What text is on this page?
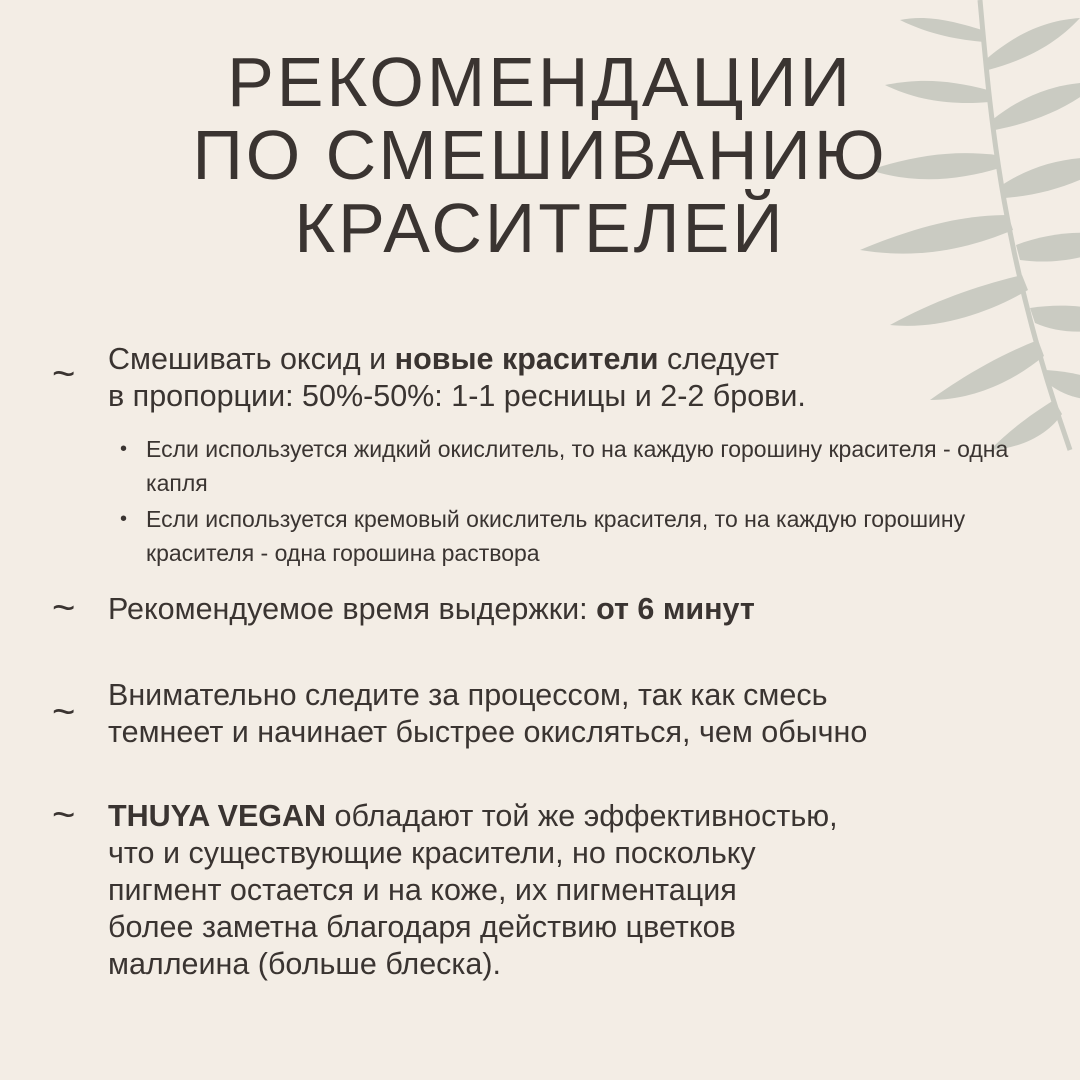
РЕКОМЕНДАЦИИ
ПО СМЕШИВАНИЮ
КРАСИТЕЛЕЙ
~ Смешивать оксид и новые красители следует
в пропорции: 50%-50%: 1-1 ресницы и 2-2 брови.
• Если используется жидкий окислитель, то на каждую горошину красителя - одна капля
• Если используется кремовый окислитель красителя, то на каждую горошину красителя - одна горошина раствора
~ Рекомендуемое время выдержки: от 6 минут
~ Внимательно следите за процессом, так как смесь
темнеет и начинает быстрее окисляться, чем обычно
~ THUYA VEGAN обладают той же эффективностью,
что и существующие красители, но поскольку
пигмент остается и на коже, их пигментация
более заметна благодаря действию цветков
маллеина (больше блеска).
